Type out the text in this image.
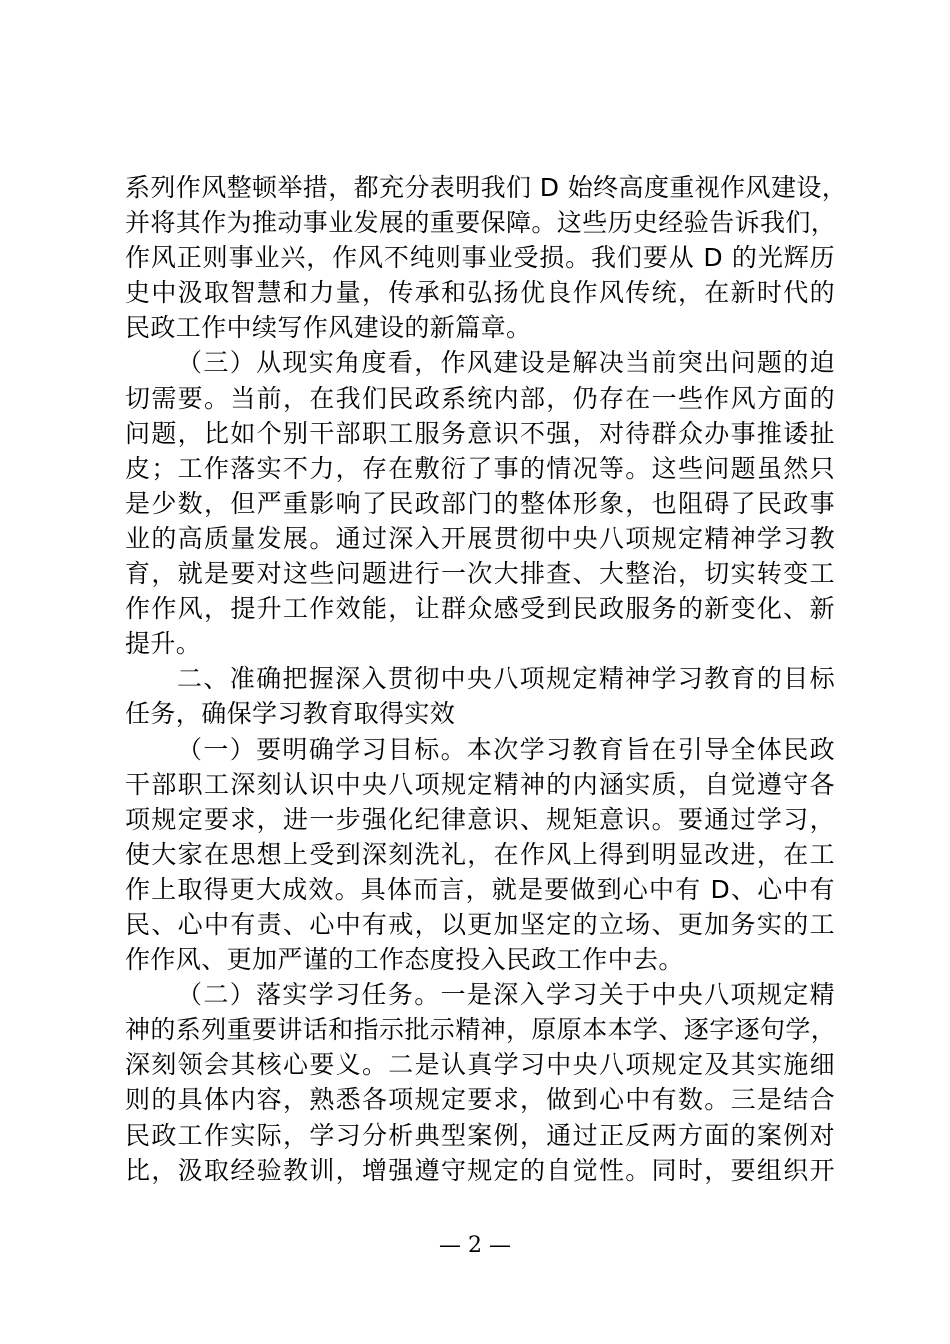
系列作风整顿举措，都充分表明我们 D 始终高度重视作风建设，
并将其作为推动事业发展的重要保障。这些历史经验告诉我们，
作风正则事业兴，作风不纯则事业受损。我们要从 D 的光辉历
史中汲取智慧和力量，传承和弘扬优良作风传统，在新时代的
民政工作中续写作风建设的新篇章。
（三）从现实角度看，作风建设是解决当前突出问题的迫
切需要。当前，在我们民政系统内部，仍存在一些作风方面的
问题，比如个别干部职工服务意识不强，对待群众办事推诿扯
皮；工作落实不力，存在敷衍了事的情况等。这些问题虽然只
是少数，但严重影响了民政部门的整体形象，也阻碍了民政事
业的高质量发展。通过深入开展贯彻中央八项规定精神学习教
育，就是要对这些问题进行一次大排查、大整治，切实转变工
作作风，提升工作效能，让群众感受到民政服务的新变化、新
提升。
二、准确把握深入贯彻中央八项规定精神学习教育的目标
任务，确保学习教育取得实效
（一）要明确学习目标。本次学习教育旨在引导全体民政
干部职工深刻认识中央八项规定精神的内涵实质，自觉遵守各
项规定要求，进一步强化纪律意识、规矩意识。要通过学习，
使大家在思想上受到深刻洗礼，在作风上得到明显改进，在工
作上取得更大成效。具体而言，就是要做到心中有 D、心中有
民、心中有责、心中有戒，以更加坚定的立场、更加务实的工
作作风、更加严谨的工作态度投入民政工作中去。
（二）落实学习任务。一是深入学习关于中央八项规定精
神的系列重要讲话和指示批示精神，原原本本学、逐字逐句学，
深刻领会其核心要义。二是认真学习中央八项规定及其实施细
则的具体内容，熟悉各项规定要求，做到心中有数。三是结合
民政工作实际，学习分析典型案例，通过正反两方面的案例对
比，汲取经验教训，增强遵守规定的自觉性。同时，要组织开
— 2 —
